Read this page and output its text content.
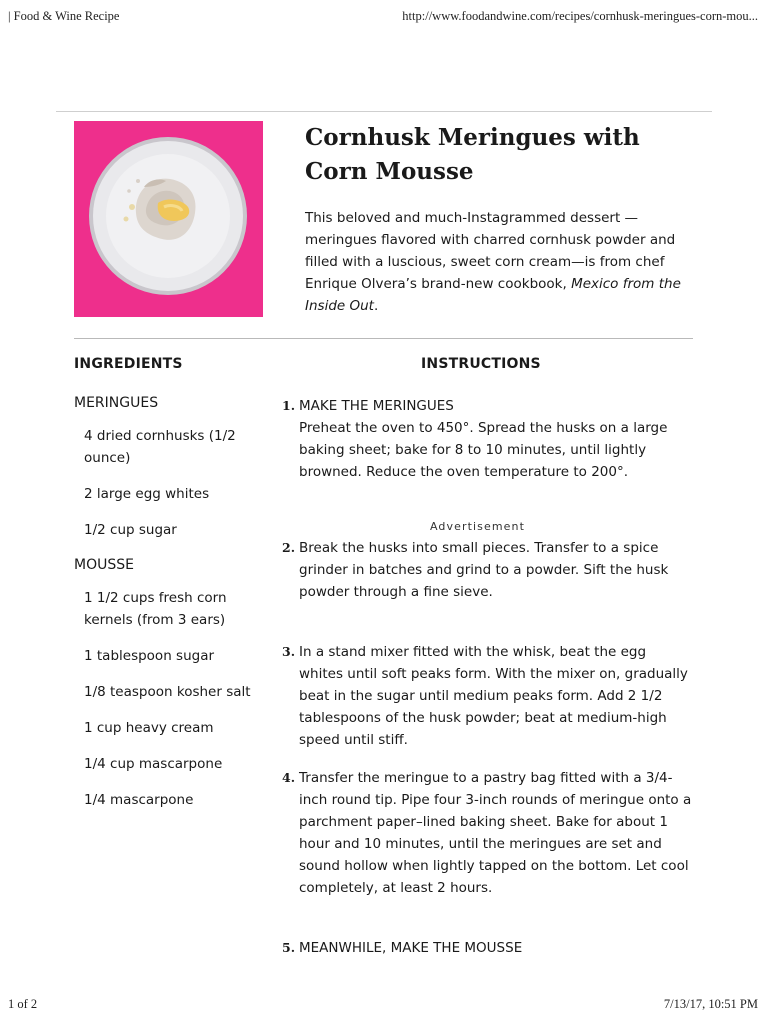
| Food & Wine Recipe	http://www.foodandwine.com/recipes/cornhusk-meringues-corn-mou...
Cornhusk Meringues with Corn Mousse

This beloved and much-Instagrammed dessert —meringues flavored with charred cornhusk powder and filled with a luscious, sweet corn cream—is from chef Enrique Olvera’s brand-new cookbook, Mexico from the Inside Out.

INGREDIENTS	INSTRUCTIONS
MERINGUES
4 dried cornhusks (1/2 ounce)
2 large egg whites
1/2 cup sugar
MOUSSE
1 1/2 cups fresh corn kernels (from 3 ears)
1 tablespoon sugar
1/8 teaspoon kosher salt
1 cup heavy cream
1/4 cup mascarpone
1/4 mascarpone
1. MAKE THE MERINGUES
Preheat the oven to 450°. Spread the husks on a large baking sheet; bake for 8 to 10 minutes, until lightly browned. Reduce the oven temperature to 200°.
Advertisement
2. Break the husks into small pieces. Transfer to a spice grinder in batches and grind to a powder. Sift the husk powder through a fine sieve.
3. In a stand mixer fitted with the whisk, beat the egg whites until soft peaks form. With the mixer on, gradually beat in the sugar until medium peaks form. Add 2 1/2 tablespoons of the husk powder; beat at medium-high speed until stiff.
4. Transfer the meringue to a pastry bag fitted with a 3/4-inch round tip. Pipe four 3-inch rounds of meringue onto a parchment paper–lined baking sheet. Bake for about 1 hour and 10 minutes, until the meringues are set and sound hollow when lightly tapped on the bottom. Let cool completely, at least 2 hours.
5. MEANWHILE, MAKE THE MOUSSE
1 of 2	7/13/17, 10:51 PM
